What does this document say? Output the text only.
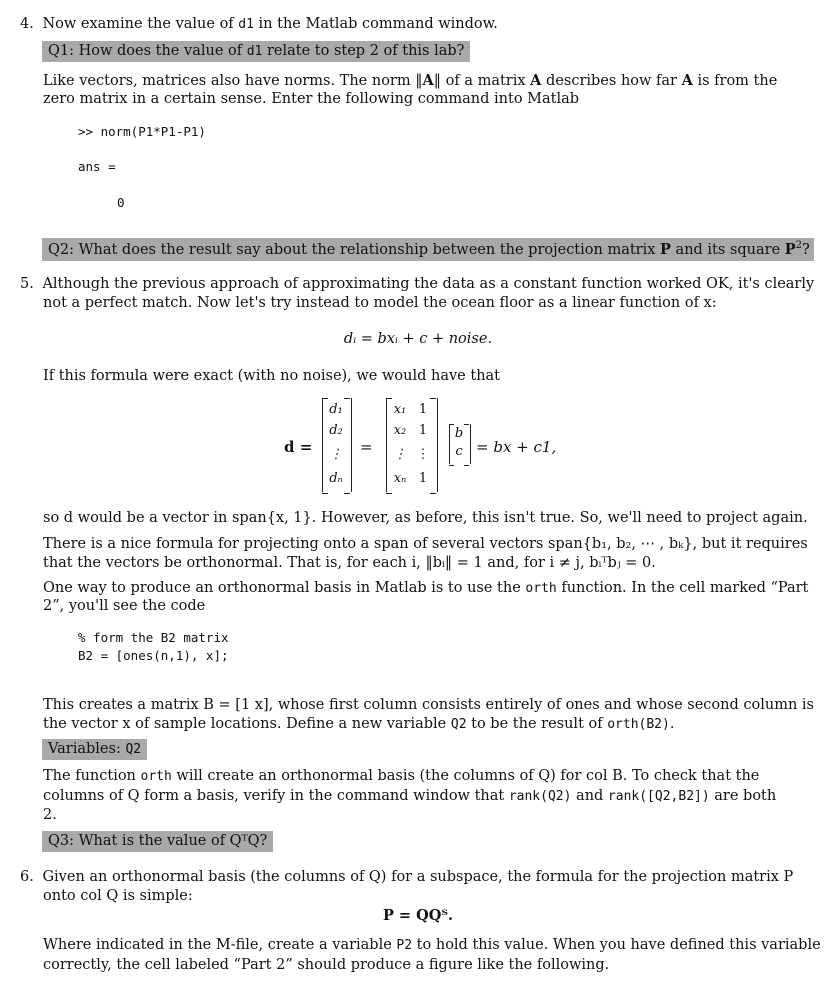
4. Now examine the value of d1 in the Matlab command window.
Q1: How does the value of d1 relate to step 2 of this lab?
Like vectors, matrices also have norms. The norm ‖A‖ of a matrix A describes how far A is from the
zero matrix in a certain sense. Enter the following command into Matlab
>> norm(P1*P1-P1)
ans =
0
Q2: What does the result say about the relationship between the projection matrix P and its square $P^2$?
5. Although the previous approach of approximating the data as a constant function worked OK, it's clearly
not a perfect match. Now let's try instead to model the ocean floor as a linear function of x:
dᵢ = bxᵢ + c + noise.
If this formula were exact (with no noise), we would have that
d =
d₁
d₂
⋮
dₙ
=
x₁
x₂
⋮
xₙ
1
1
⋮
1
b
c = bx + c1,
so d would be a vector in span{x, 1}. However, as before, this isn't true. So, we'll need to project again.
There is a nice formula for projecting onto a span of several vectors span{b₁, b₂, ⋯ , bₖ}, but it requires
that the vectors be orthonormal. That is, for each i, ‖bᵢ‖ = 1 and, for i ≠ j, bᵢᵀbⱼ = 0.
One way to produce an orthonormal basis in Matlab is to use the orth function. In the cell marked “Part
2”, you'll see the code
% form the B2 matrix
B2 = [ones(n,1), x];
This creates a matrix B = [1 x], whose first column consists entirely of ones and whose second column is
the vector x of sample locations. Define a new variable Q2 to be the result of orth(B2).
Variables: Q2
The function orth will create an orthonormal basis (the columns of Q) for col B. To check that the
columns of Q form a basis, verify in the command window that rank(Q2) and rank([Q2,B2]) are both
2.
Q3: What is the value of QᵀQ?
6. Given an orthonormal basis (the columns of Q) for a subspace, the formula for the projection matrix P
onto col Q is simple:
P = QQᵀ.
Where indicated in the M-file, create a variable P2 to hold this value. When you have defined this variable
correctly, the cell labeled “Part 2” should produce a figure like the following.
